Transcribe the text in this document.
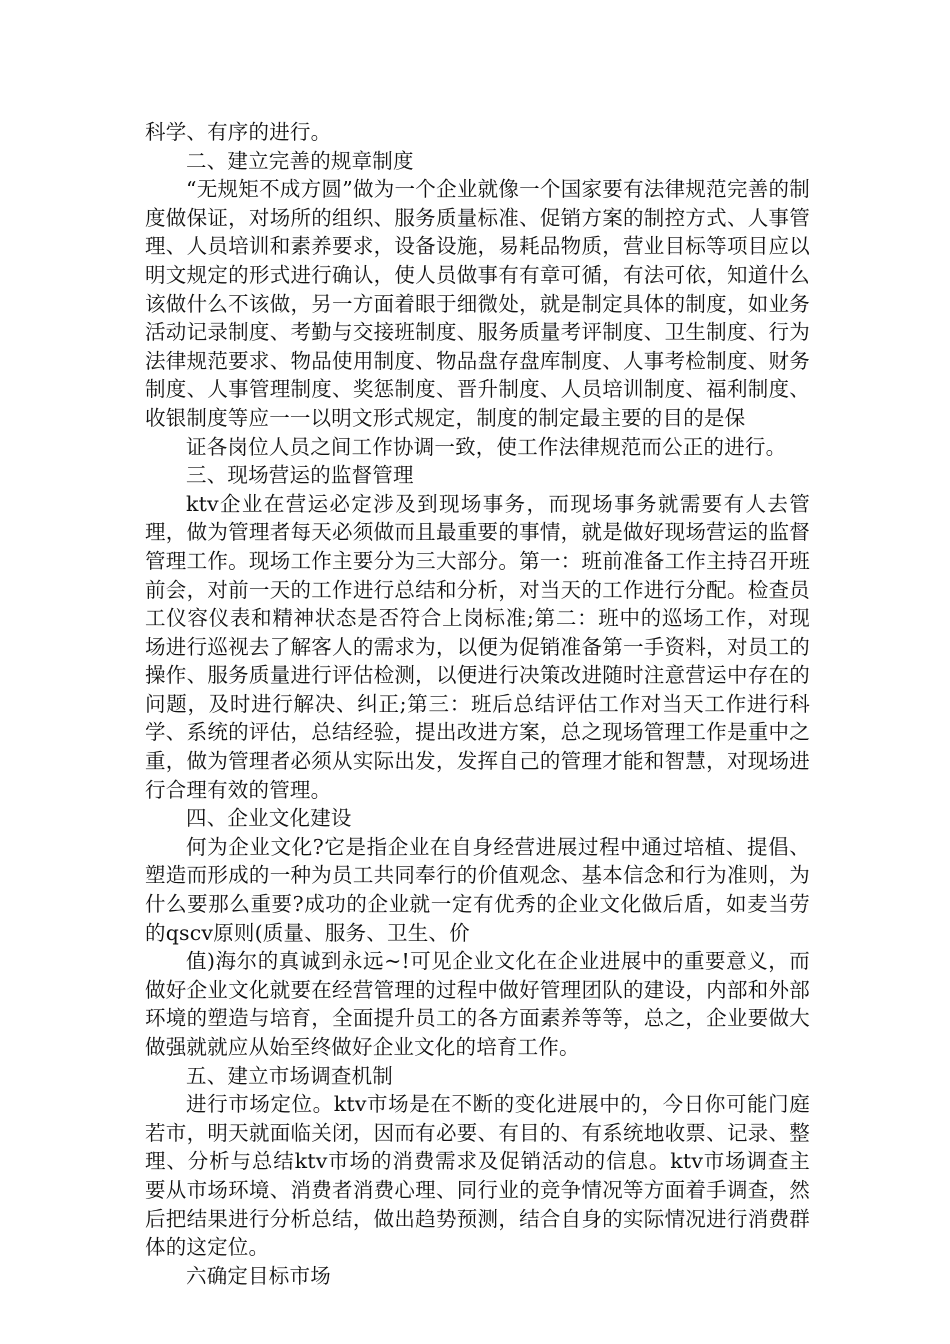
科学、有序的进行。

二、建立完善的规章制度

“无规矩不成方圆”做为一个企业就像一个国家要有法律规范完善的制度做保证，对场所的组织、服务质量标准、促销方案的制控方式、人事管理、人员培训和素养要求，设备设施，易耗品物质，营业目标等项目应以明文规定的形式进行确认，使人员做事有有章可循，有法可依，知道什么该做什么不该做，另一方面着眼于细微处，就是制定具体的制度，如业务活动记录制度、考勤与交接班制度、服务质量考评制度、卫生制度、行为法律规范要求、物品使用制度、物品盘存盘库制度、人事考检制度、财务制度、人事管理制度、奖惩制度、晋升制度、人员培训制度、福利制度、收银制度等应一一以明文形式规定，制度的制定最主要的目的是保

证各岗位人员之间工作协调一致，使工作法律规范而公正的进行。

三、现场营运的监督管理

ktv企业在营运必定涉及到现场事务，而现场事务就需要有人去管理，做为管理者每天必须做而且最重要的事情，就是做好现场营运的监督管理工作。现场工作主要分为三大部分。第一：班前准备工作主持召开班前会，对前一天的工作进行总结和分析，对当天的工作进行分配。检查员工仪容仪表和精神状态是否符合上岗标准;第二：班中的巡场工作，对现场进行巡视去了解客人的需求为，以便为促销准备第一手资料，对员工的操作、服务质量进行评估检测，以便进行决策改进随时注意营运中存在的问题，及时进行解决、纠正;第三：班后总结评估工作对当天工作进行科学、系统的评估，总结经验，提出改进方案，总之现场管理工作是重中之重，做为管理者必须从实际出发，发挥自己的管理才能和智慧，对现场进行合理有效的管理。

四、企业文化建设

何为企业文化?它是指企业在自身经营进展过程中通过培植、提倡、塑造而形成的一种为员工共同奉行的价值观念、基本信念和行为准则，为什么要那么重要?成功的企业就一定有优秀的企业文化做后盾，如麦当劳的qscv原则(质量、服务、卫生、价

值)海尔的真诚到永远~!可见企业文化在企业进展中的重要意义，而做好企业文化就要在经营管理的过程中做好管理团队的建设，内部和外部环境的塑造与培育，全面提升员工的各方面素养等等，总之，企业要做大做强就就应从始至终做好企业文化的培育工作。

五、建立市场调查机制

进行市场定位。ktv市场是在不断的变化进展中的，今日你可能门庭若市，明天就面临关闭，因而有必要、有目的、有系统地收票、记录、整理、分析与总结ktv市场的消费需求及促销活动的信息。ktv市场调查主要从市场环境、消费者消费心理、同行业的竞争情况等方面着手调查，然后把结果进行分析总结，做出趋势预测，结合自身的实际情况进行消费群体的这定位。

六确定目标市场
